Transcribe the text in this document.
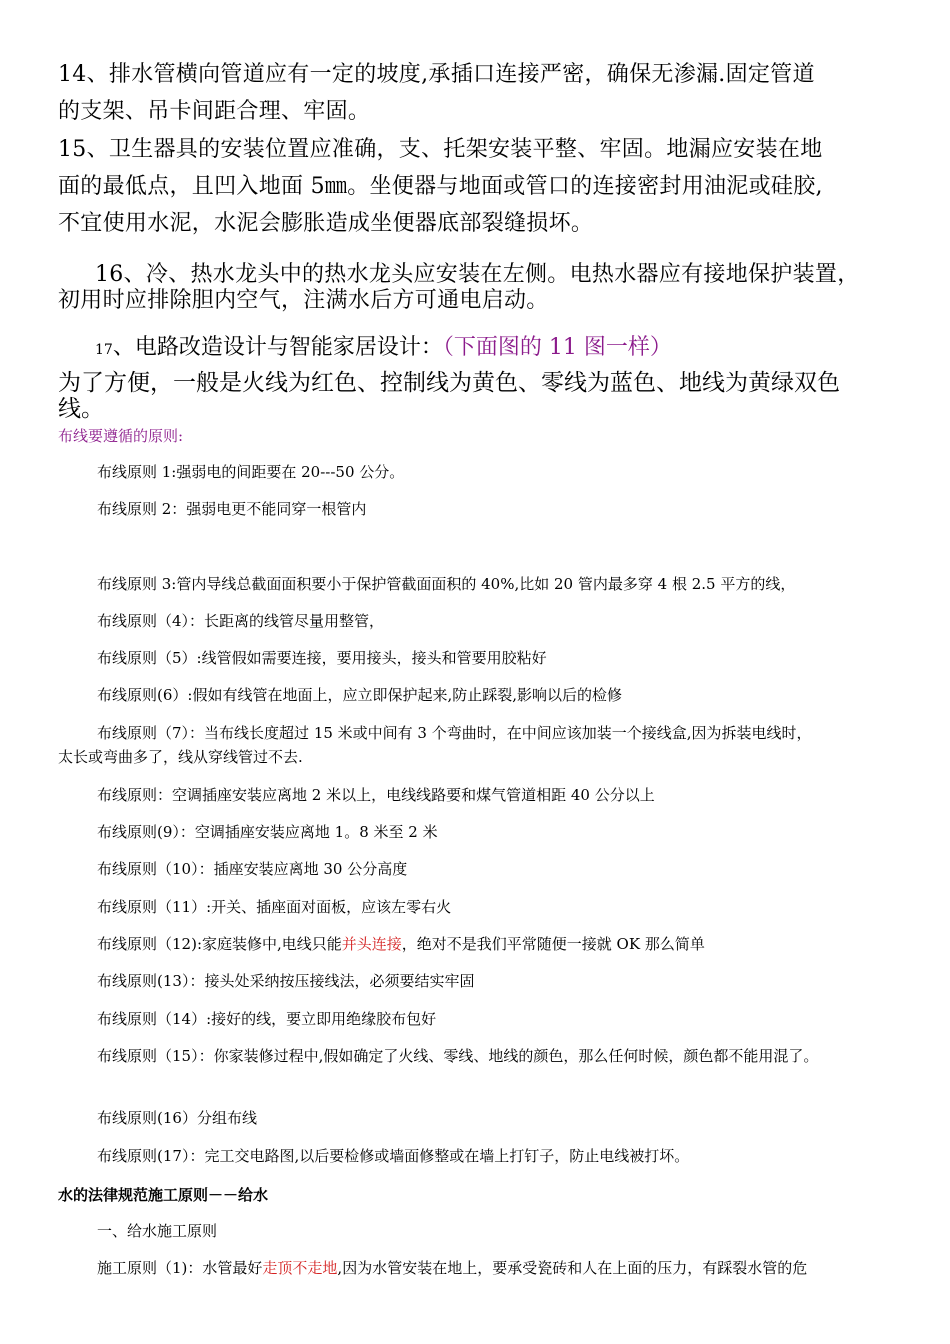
14、排水管横向管道应有一定的坡度,承插口连接严密，确保无渗漏.固定管道
的支架、吊卡间距合理、牢固。
15、卫生器具的安装位置应准确，支、托架安装平整、牢固。地漏应安装在地
面的最低点，且凹入地面 5㎜。坐便器与地面或管口的连接密封用油泥或硅胶,
不宜使用水泥，水泥会膨胀造成坐便器底部裂缝损坏。
16、冷、热水龙头中的热水龙头应安装在左侧。电热水器应有接地保护装置，
初用时应排除胆内空气，注满水后方可通电启动。
17、电路改造设计与智能家居设计：（下面图的 11 图一样）
为了方便，一般是火线为红色、控制线为黄色、零线为蓝色、地线为黄绿双色
线。
布线要遵循的原则:
布线原则 1:强弱电的间距要在 20---50 公分。
布线原则 2：强弱电更不能同穿一根管内
布线原则 3:管内导线总截面面积要小于保护管截面面积的 40%,比如 20 管内最多穿 4 根 2.5 平方的线，
布线原则（4）：长距离的线管尽量用整管，
布线原则（5）:线管假如需要连接，要用接头，接头和管要用胶粘好
布线原则(6）:假如有线管在地面上，应立即保护起来,防止踩裂,影响以后的检修
布线原则（7）：当布线长度超过 15 米或中间有 3 个弯曲时，在中间应该加装一个接线盒,因为拆装电线时，
太长或弯曲多了，线从穿线管过不去.
布线原则：空调插座安装应离地 2 米以上，电线线路要和煤气管道相距 40 公分以上
布线原则(9）：空调插座安装应离地 1。8 米至 2 米
布线原则（10）：插座安装应离地 30 公分高度
布线原则（11）:开关、插座面对面板，应该左零右火
布线原则（12):家庭装修中,电线只能并头连接，绝对不是我们平常随便一接就 OK 那么简单
布线原则(13）：接头处采纳按压接线法，必须要结实牢固
布线原则（14）:接好的线，要立即用绝缘胶布包好
布线原则（15）：你家装修过程中,假如确定了火线、零线、地线的颜色，那么任何时候，颜色都不能用混了。
布线原则(16）分组布线
布线原则(17）：完工交电路图,以后要检修或墙面修整或在墙上打钉子，防止电线被打坏。
水的法律规范施工原则－－给水
一、给水施工原则
施工原则（1)：水管最好走顶不走地,因为水管安装在地上，要承受瓷砖和人在上面的压力，有踩裂水管的危
